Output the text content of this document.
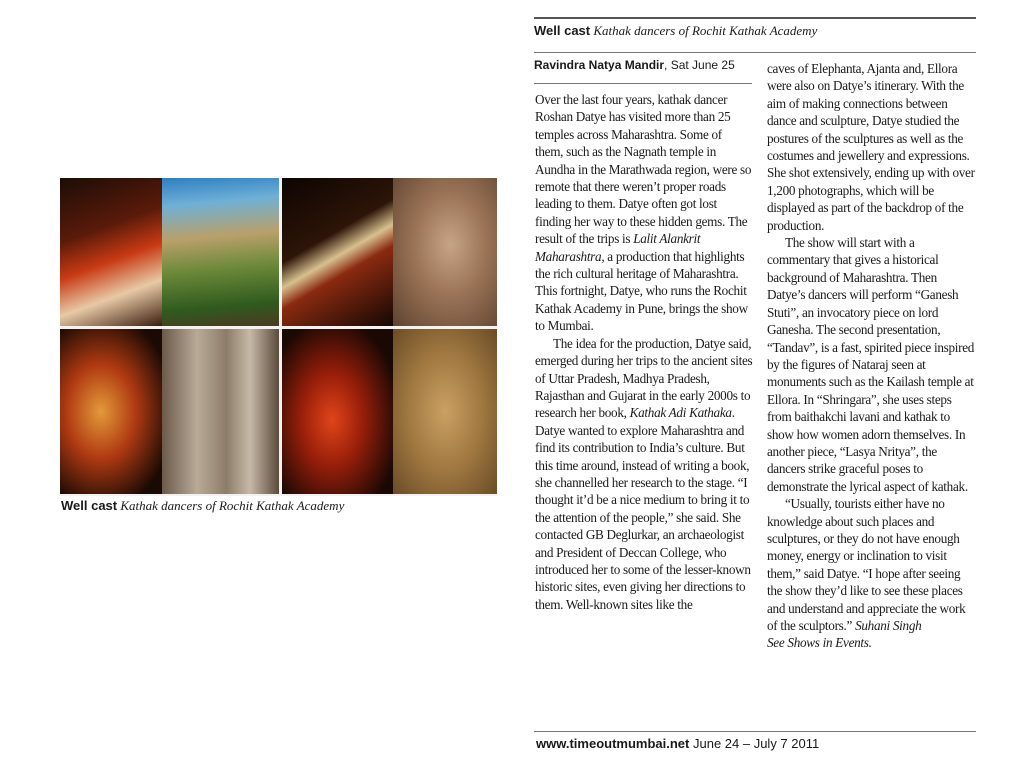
Well cast Kathak dancers of Rochit Kathak Academy
Well cast Kathak dancers of Rochit Kathak Academy
Ravindra Natya Mandir, Sat June 25

Over the last four years, kathak dancer Roshan Datye has visited more than 25 temples across Maharashtra. Some of them, such as the Nagnath temple in Aundha in the Marathwada region, were so remote that there weren’t proper roads leading to them. Datye often got lost finding her way to these hidden gems. The result of the trips is Lalit Alankrit Maharashtra, a production that highlights the rich cultural heritage of Maharashtra. This fortnight, Datye, who runs the Rochit Kathak Academy in Pune, brings the show to Mumbai.

The idea for the production, Datye said, emerged during her trips to the ancient sites of Uttar Pradesh, Madhya Pradesh, Rajasthan and Gujarat in the early 2000s to research her book, Kathak Adi Kathaka. Datye wanted to explore Maharashtra and find its contribution to India’s culture. But this time around, instead of writing a book, she channelled her research to the stage. “I thought it’d be a nice medium to bring it to the attention of the people,” she said. She contacted GB Deglurkar, an archaeologist and President of Deccan College, who introduced her to some of the lesser-known historic sites, even giving her directions to them. Well-known sites like the

caves of Elephanta, Ajanta and, Ellora were also on Datye’s itinerary. With the aim of making connections between dance and sculpture, Datye studied the postures of the sculptures as well as the costumes and jewellery and expressions. She shot extensively, ending up with over 1,200 photographs, which will be displayed as part of the backdrop of the production.

The show will start with a commentary that gives a historical background of Maharashtra. Then Datye’s dancers will perform “Ganesh Stuti”, an invocatory piece on lord Ganesha. The second presentation, “Tandav”, is a fast, spirited piece inspired by the figures of Nataraj seen at monuments such as the Kailash temple at Ellora. In “Shringara”, she uses steps from baithakchi lavani and kathak to show how women adorn themselves. In another piece, “Lasya Nritya”, the dancers strike graceful poses to demonstrate the lyrical aspect of kathak.

“Usually, tourists either have no knowledge about such places and sculptures, or they do not have enough money, energy or inclination to visit them,” said Datye. “I hope after seeing the show they’d like to see these places and understand and appreciate the work of the sculptors.” Suhani Singh

See Shows in Events.

www.timeoutmumbai.net June 24 – July 7 2011
